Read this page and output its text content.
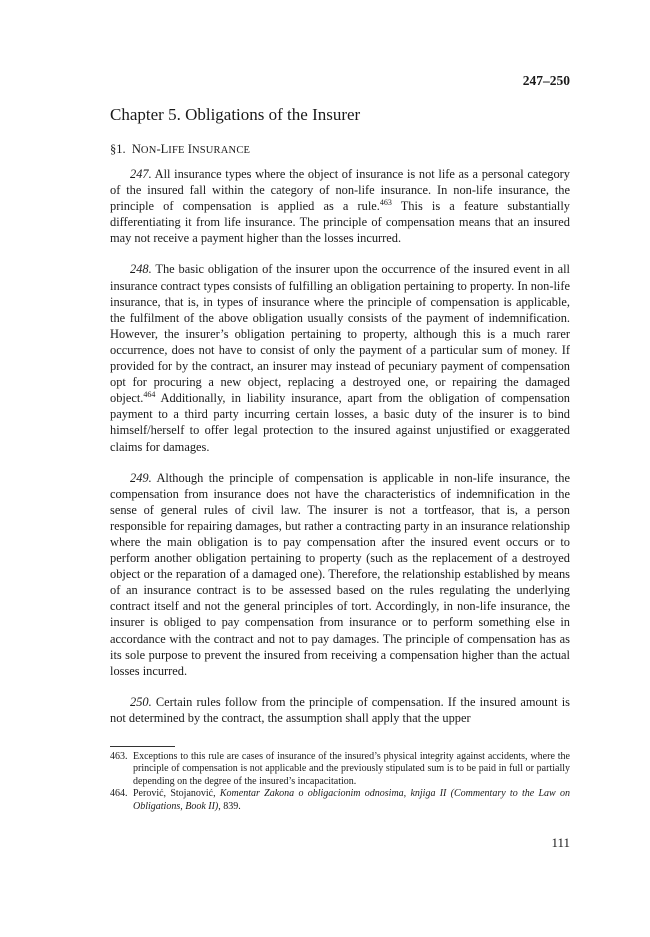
247–250
Chapter 5. Obligations of the Insurer
§1. NON-LIFE INSURANCE

247. All insurance types where the object of insurance is not life as a personal category of the insured fall within the category of non-life insurance. In non-life insurance, the principle of compensation is applied as a rule.$^{463}$ This is a feature substantially differentiating it from life insurance. The principle of compensation means that an insured may not receive a payment higher than the losses incurred.

248. The basic obligation of the insurer upon the occurrence of the insured event in all insurance contract types consists of fulfilling an obligation pertaining to property. In non-life insurance, that is, in types of insurance where the principle of compensation is applicable, the fulfilment of the above obligation usually consists of the payment of indemnification. However, the insurer’s obligation pertaining to property, although this is a much rarer occurrence, does not have to consist of only the payment of a particular sum of money. If provided for by the contract, an insurer may instead of pecuniary payment of compensation opt for procuring a new object, replacing a destroyed one, or repairing the damaged object.$^{464}$ Additionally, in liability insurance, apart from the obligation of compensation payment to a third party incurring certain losses, a basic duty of the insurer is to bind himself/herself to offer legal protection to the insured against unjustified or exaggerated claims for damages.

249. Although the principle of compensation is applicable in non-life insurance, the compensation from insurance does not have the characteristics of indemnification in the sense of general rules of civil law. The insurer is not a tortfeasor, that is, a person responsible for repairing damages, but rather a contracting party in an insurance relationship where the main obligation is to pay compensation after the insured event occurs or to perform another obligation pertaining to property (such as the replacement of a destroyed object or the reparation of a damaged one). Therefore, the relationship established by means of an insurance contract is to be assessed based on the rules regulating the underlying contract itself and not the general principles of tort. Accordingly, in non-life insurance, the insurer is obliged to pay compensation from insurance or to perform something else in accordance with the contract and not to pay damages. The principle of compensation has as its sole purpose to prevent the insured from receiving a compensation higher than the actual losses incurred.

250. Certain rules follow from the principle of compensation. If the insured amount is not determined by the contract, the assumption shall apply that the upper

463. Exceptions to this rule are cases of insurance of the insured’s physical integrity against accidents, where the principle of compensation is not applicable and the previously stipulated sum is to be paid in full or partially depending on the degree of the insured’s incapacitation.

464. Perović, Stojanović, Komentar Zakona o obligacionim odnosima, knjiga II (Commentary to the Law on Obligations, Book II), 839.

111
